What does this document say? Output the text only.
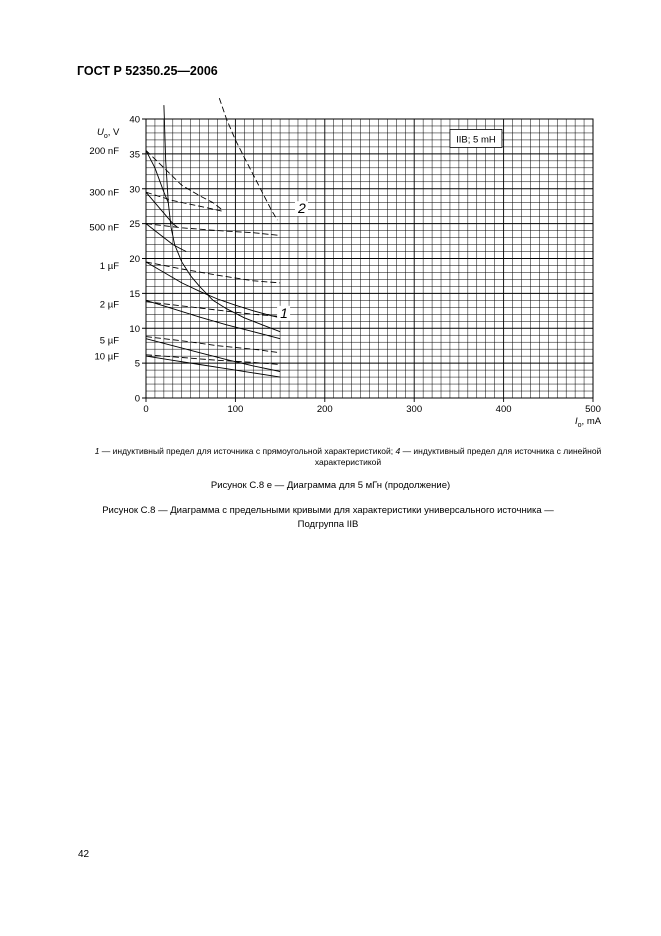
ГОСТ Р 52350.25—2006
0	100	200	300	400	500
0
5
10
15
20
25
30
35
40
$U_o$, V
$I_o$, mA
200 nF
300 nF
500 nF
1 µF
2 µF
5 µF
10 µF
IIB; 5 mH
2
1
1 — индуктивный предел для источника с прямоугольной характеристикой; 4 — индуктивный предел для источника с линейной характеристикой
Рисунок С.8 е — Диаграмма для 5 мГн (продолжение)
Рисунок С.8 — Диаграмма с предельными кривыми для характеристики универсального источника — Подгруппа IIB
42
